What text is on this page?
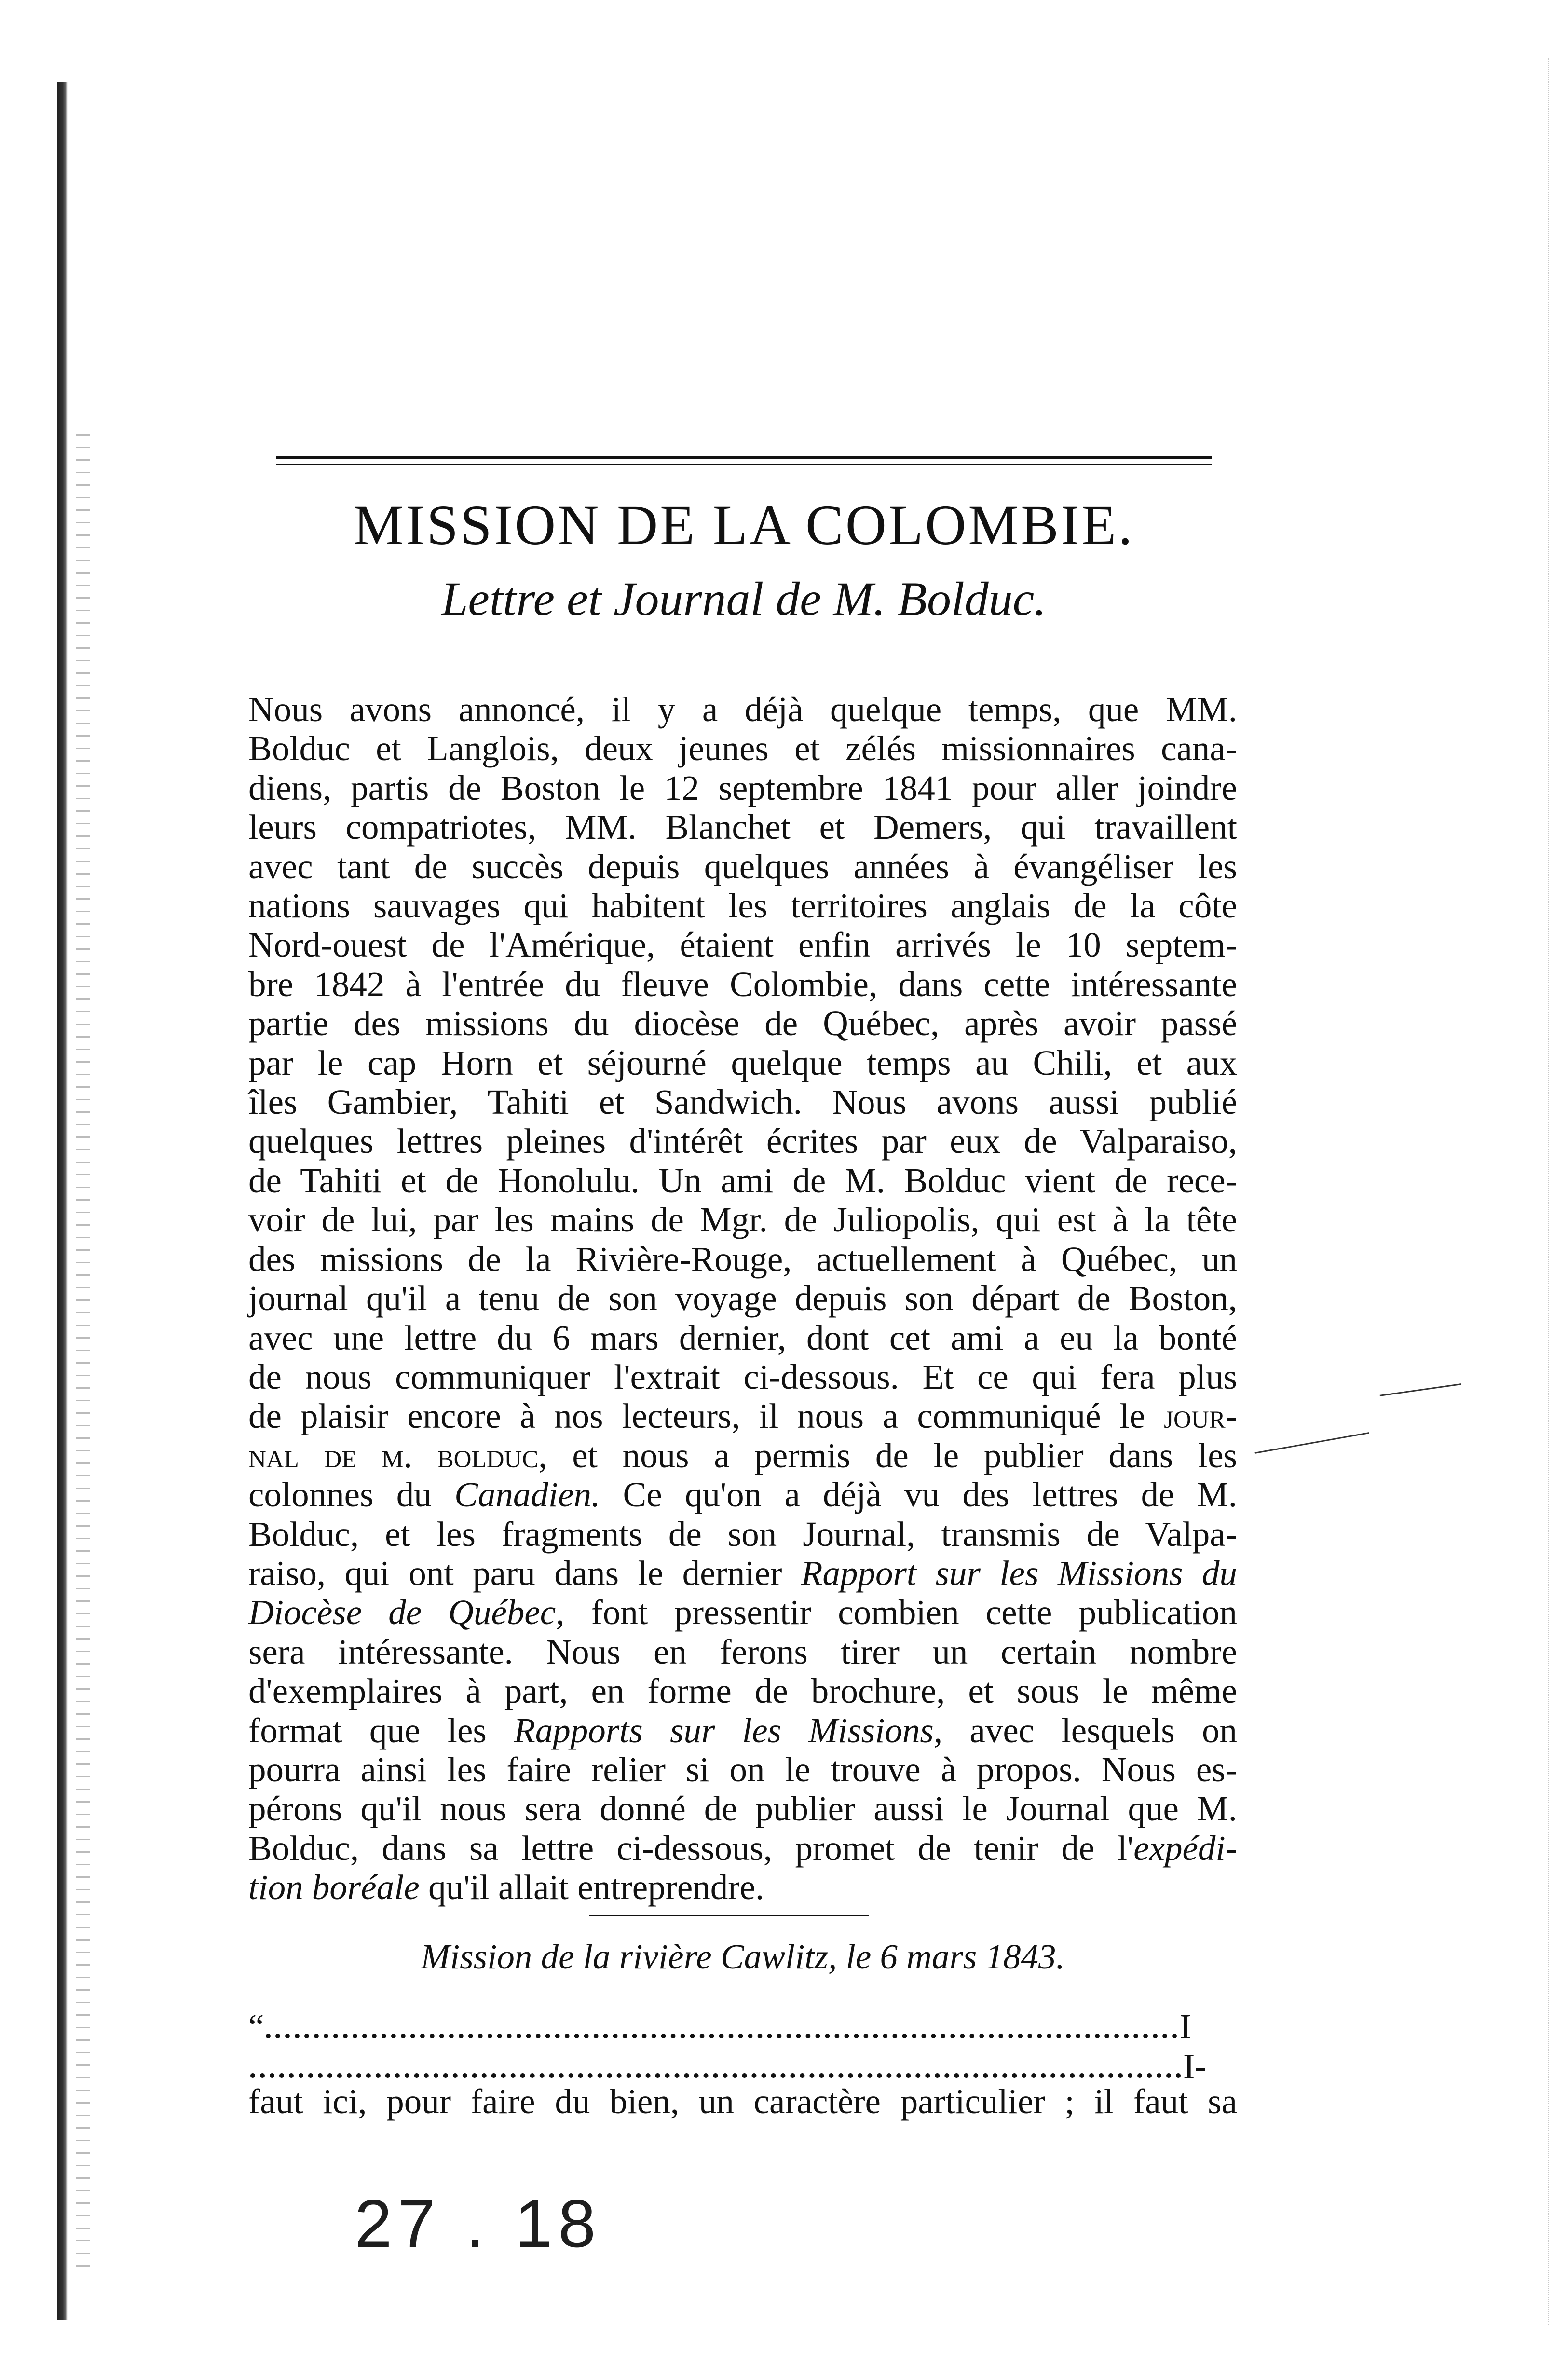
MISSION DE LA COLOMBIE.

Lettre et Journal de M. Bolduc.

Nous avons annoncé, il y a déjà quelque temps, que MM.
Bolduc et Langlois, deux jeunes et zélés missionnaires cana-
diens, partis de Boston le 12 septembre 1841 pour aller joindre
leurs compatriotes, MM. Blanchet et Demers, qui travaillent
avec tant de succès depuis quelques années à évangéliser les
nations sauvages qui habitent les territoires anglais de la côte
Nord-ouest de l'Amérique, étaient enfin arrivés le 10 septem-
bre 1842 à l'entrée du fleuve Colombie, dans cette intéressante
partie des missions du diocèse de Québec, après avoir passé
par le cap Horn et séjourné quelque temps au Chili, et aux
îles Gambier, Tahiti et Sandwich. Nous avons aussi publié
quelques lettres pleines d'intérêt écrites par eux de Valparaiso,
de Tahiti et de Honolulu. Un ami de M. Bolduc vient de rece-
voir de lui, par les mains de Mgr. de Juliopolis, qui est à la tête
des missions de la Rivière-Rouge, actuellement à Québec, un
journal qu'il a tenu de son voyage depuis son départ de Boston,
avec une lettre du 6 mars dernier, dont cet ami a eu la bonté
de nous communiquer l'extrait ci-dessous. Et ce qui fera plus
de plaisir encore à nos lecteurs, il nous a communiqué le jour-
nal de m. bolduc, et nous a permis de le publier dans les
colonnes du Canadien. Ce qu'on a déjà vu des lettres de M.
Bolduc, et les fragments de son Journal, transmis de Valpa-
raiso, qui ont paru dans le dernier Rapport sur les Missions du
Diocèse de Québec, font pressentir combien cette publication
sera intéressante. Nous en ferons tirer un certain nombre
d'exemplaires à part, en forme de brochure, et sous le même
format que les Rapports sur les Missions, avec lesquels on
pourra ainsi les faire relier si on le trouve à propos. Nous es-
pérons qu'il nous sera donné de publier aussi le Journal que M.
Bolduc, dans sa lettre ci-dessous, promet de tenir de l'expédi-
tion boréale qu'il allait entreprendre.

Mission de la rivière Cawlitz, le 6 mars 1843.

“	I
I-

faut ici, pour faire du bien, un caractère particulier ; il faut sa

27 . 18
